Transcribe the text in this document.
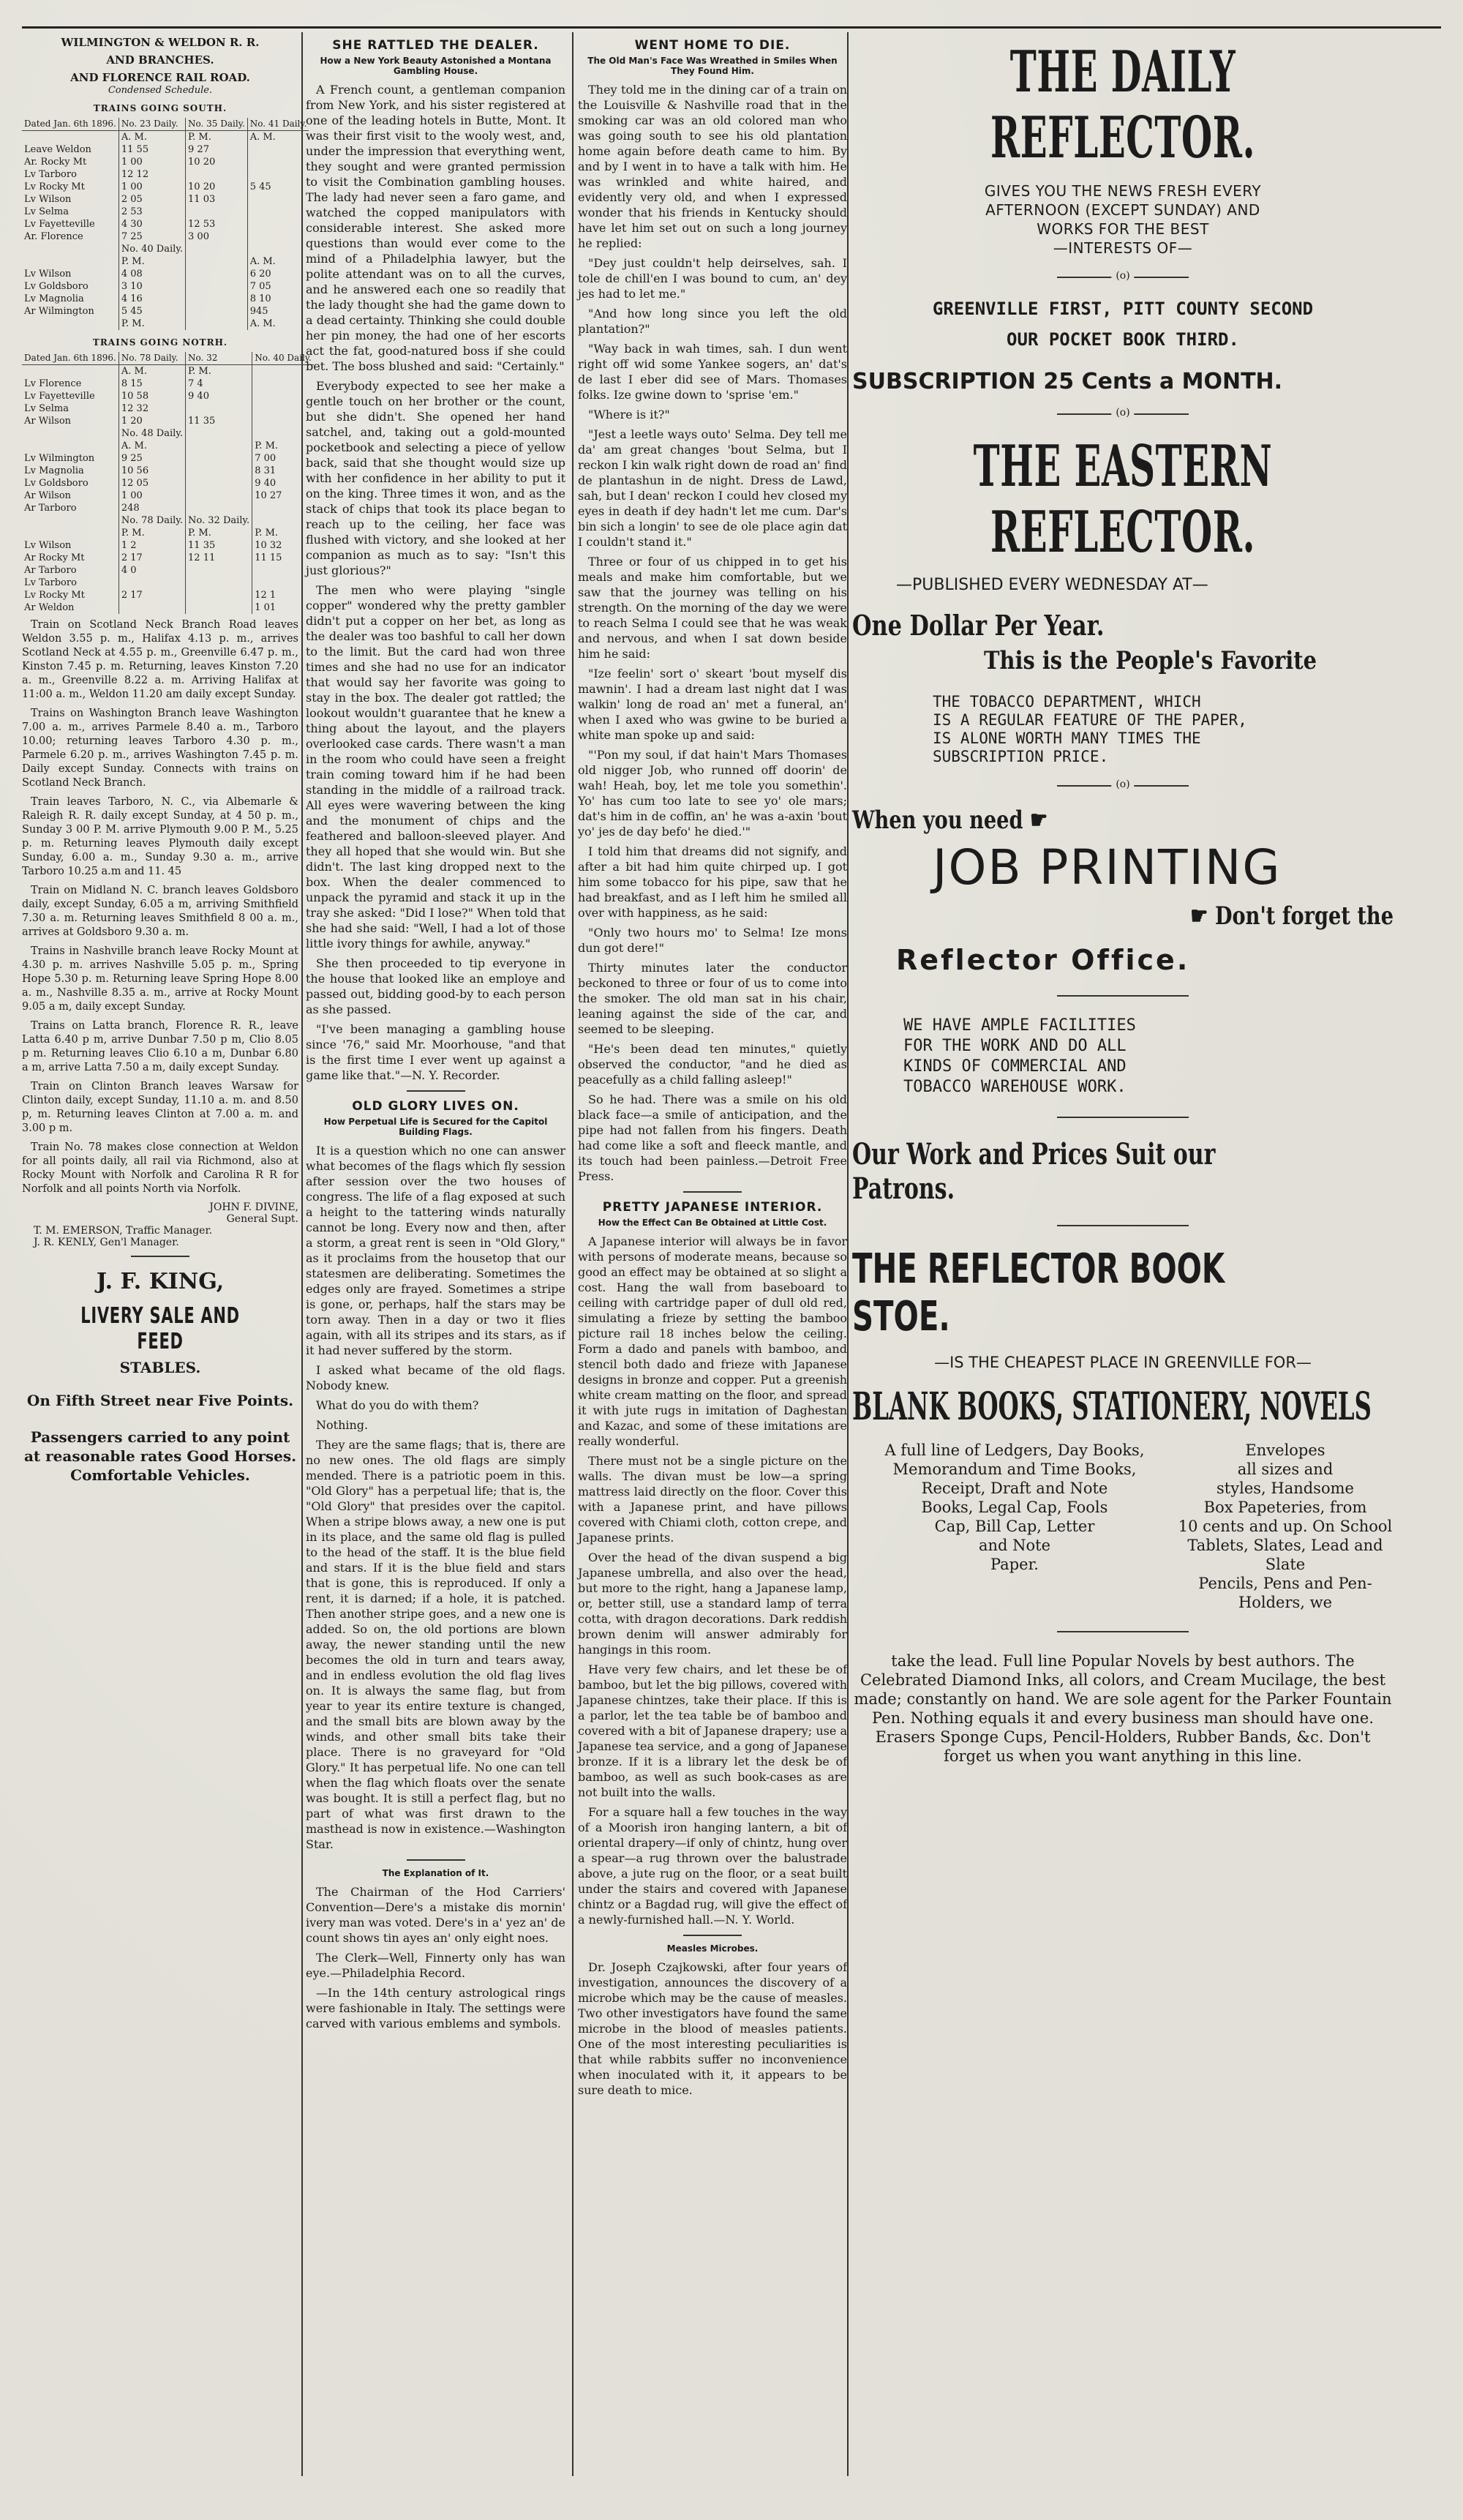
WILMINGTON & WELDON R. R.
AND BRANCHES.
AND FLORENCE RAIL ROAD.
Condensed Schedule.
TRAINS GOING SOUTH.
Dated Jan. 6th 1896.	No. 23 Daily.	No. 35 Daily.	No. 41 Daily.
	A. M.	P. M.	A. M.
Leave Weldon	11 55	9 27	
Ar. Rocky Mt	1 00	10 20	

Lv Tarboro	12 12		

Lv Rocky Mt	1 00	10 20	5 45
Lv Wilson	2 05	11 03	
Lv Selma	2 53		
Lv Fayetteville	4 30	12 53	
Ar. Florence	7 25	3 00	
	No. 40 Daily.		
	P. M.		A. M.
Lv Wilson	4 08		6 20
Lv Goldsboro	3 10		7 05
Lv Magnolia	4 16		8 10
Ar Wilmington	5 45		945
	P. M.		A. M.
TRAINS GOING NOTRH.
Dated Jan. 6th 1896.	No. 78 Daily.	No. 32	No. 40 Daily.
	A. M.	P. M.	
Lv Florence	8 15	7 4	
Lv Fayetteville	10 58	9 40	
Lv Selma	12 32		
Ar Wilson	1 20	11 35	
	No. 48 Daily.		
	A. M.		P. M.
Lv Wilmington	9 25		7 00
Lv Magnolia	10 56		8 31
Lv Goldsboro	12 05		9 40
Ar Wilson	1 00		10 27
Ar Tarboro	248		
	No. 78 Daily.	No. 32 Daily.	
	P. M.	P. M.	P. M.
Lv Wilson	1 2	11 35	10 32
Ar Rocky Mt	2 17	12 11	11 15

Ar Tarboro	4 0		
Lv Tarboro			
Lv Rocky Mt	2 17		12 1
Ar Weldon			1 01

Train on Scotland Neck Branch Road leaves Weldon 3.55 p. m., Halifax 4.13 p. m., arrives Scotland Neck at 4.55 p. m., Greenville 6.47 p. m., Kinston 7.45 p. m. Returning, leaves Kinston 7.20 a. m., Greenville 8.22 a. m. Arriving Halifax at 11:00 a. m., Weldon 11.20 am daily except Sunday.

Trains on Washington Branch leave Washington 7.00 a. m., arrives Parmele 8.40 a. m., Tarboro 10.00; returning leaves Tarboro 4.30 p. m., Parmele 6.20 p. m., arrives Washington 7.45 p. m. Daily except Sunday. Connects with trains on Scotland Neck Branch.

Train leaves Tarboro, N. C., via Albemarle & Raleigh R. R. daily except Sunday, at 4 50 p. m., Sunday 3 00 P. M. arrive Plymouth 9.00 P. M., 5.25 p. m. Returning leaves Plymouth daily except Sunday, 6.00 a. m., Sunday 9.30 a. m., arrive Tarboro 10.25 a.m and 11. 45

Train on Midland N. C. branch leaves Goldsboro daily, except Sunday, 6.05 a m, arriving Smithfield 7.30 a. m. Returning leaves Smithfield 8 00 a. m., arrives at Goldsboro 9.30 a. m.

Trains in Nashville branch leave Rocky Mount at 4.30 p. m. arrives Nashville 5.05 p. m., Spring Hope 5.30 p. m. Returning leave Spring Hope 8.00 a. m., Nashville 8.35 a. m., arrive at Rocky Mount 9.05 a m, daily except Sunday.

Trains on Latta branch, Florence R. R., leave Latta 6.40 p m, arrive Dunbar 7.50 p m, Clio 8.05 p m. Returning leaves Clio 6.10 a m, Dunbar 6.80 a m, arrive Latta 7.50 a m, daily except Sunday.

Train on Clinton Branch leaves Warsaw for Clinton daily, except Sunday, 11.10 a. m. and 8.50 p, m. Returning leaves Clinton at 7.00 a. m. and 3.00 p m.

Train No. 78 makes close connection at Weldon for all points daily, all rail via Richmond, also at Rocky Mount with Norfolk and Carolina R R for Norfolk and all points North via Norfolk.

JOHN F. DIVINE,

General Supt.

T. M. EMERSON, Traffic Manager.

J. R. KENLY, Gen'l Manager.

J. F. KING,
LIVERY SALE AND FEED
STABLES.
On Fifth Street near Five Points.
Passengers carried to any point at reasonable rates Good Horses. Comfortable Vehicles.
SHE RATTLED THE DEALER.
How a New York Beauty Astonished a Montana Gambling House.

A French count, a gentleman companion from New York, and his sister registered at one of the leading hotels in Butte, Mont. It was their first visit to the wooly west, and, under the impression that everything went, they sought and were granted permission to visit the Combination gambling houses. The lady had never seen a faro game, and watched the copped manipulators with considerable interest. She asked more questions than would ever come to the mind of a Philadelphia lawyer, but the polite attendant was on to all the curves, and he answered each one so readily that the lady thought she had the game down to a dead certainty. Thinking she could double her pin money, the had one of her escorts act the fat, good-natured boss if she could bet. The boss blushed and said: "Certainly."

Everybody expected to see her make a gentle touch on her brother or the count, but she didn't. She opened her hand satchel, and, taking out a gold-mounted pocketbook and selecting a piece of yellow back, said that she thought would size up with her confidence in her ability to put it on the king. Three times it won, and as the stack of chips that took its place began to reach up to the ceiling, her face was flushed with victory, and she looked at her companion as much as to say: "Isn't this just glorious?"

The men who were playing "single copper" wondered why the pretty gambler didn't put a copper on her bet, as long as the dealer was too bashful to call her down to the limit. But the card had won three times and she had no use for an indicator that would say her favorite was going to stay in the box. The dealer got rattled; the lookout wouldn't guarantee that he knew a thing about the layout, and the players overlooked case cards. There wasn't a man in the room who could have seen a freight train coming toward him if he had been standing in the middle of a railroad track. All eyes were wavering between the king and the monument of chips and the feathered and balloon-sleeved player. And they all hoped that she would win. But she didn't. The last king dropped next to the box. When the dealer commenced to unpack the pyramid and stack it up in the tray she asked: "Did I lose?" When told that she had she said: "Well, I had a lot of those little ivory things for awhile, anyway."

She then proceeded to tip everyone in the house that looked like an employe and passed out, bidding good-by to each person as she passed.

"I've been managing a gambling house since '76," said Mr. Moorhouse, "and that is the first time I ever went up against a game like that."—N. Y. Recorder.

OLD GLORY LIVES ON.
How Perpetual Life is Secured for the Capitol Building Flags.

It is a question which no one can answer what becomes of the flags which fly session after session over the two houses of congress. The life of a flag exposed at such a height to the tattering winds naturally cannot be long. Every now and then, after a storm, a great rent is seen in "Old Glory," as it proclaims from the housetop that our statesmen are deliberating. Sometimes the edges only are frayed. Sometimes a stripe is gone, or, perhaps, half the stars may be torn away. Then in a day or two it flies again, with all its stripes and its stars, as if it had never suffered by the storm.

I asked what became of the old flags. Nobody knew.

What do you do with them?

Nothing.

They are the same flags; that is, there are no new ones. The old flags are simply mended. There is a patriotic poem in this. "Old Glory" has a perpetual life; that is, the "Old Glory" that presides over the capitol. When a stripe blows away, a new one is put in its place, and the same old flag is pulled to the head of the staff. It is the blue field and stars. If it is the blue field and stars that is gone, this is reproduced. If only a rent, it is darned; if a hole, it is patched. Then another stripe goes, and a new one is added. So on, the old portions are blown away, the newer standing until the new becomes the old in turn and tears away, and in endless evolution the old flag lives on. It is always the same flag, but from year to year its entire texture is changed, and the small bits are blown away by the winds, and other small bits take their place. There is no graveyard for "Old Glory." It has perpetual life. No one can tell when the flag which floats over the senate was bought. It is still a perfect flag, but no part of what was first drawn to the masthead is now in existence.—Washington Star.

The Explanation of It.

The Chairman of the Hod Carriers' Convention—Dere's a mistake dis mornin' ivery man was voted. Dere's in a' yez an' de count shows tin ayes an' only eight noes.

The Clerk—Well, Finnerty only has wan eye.—Philadelphia Record.

—In the 14th century astrological rings were fashionable in Italy. The settings were carved with various emblems and symbols.

WENT HOME TO DIE.
The Old Man's Face Was Wreathed in Smiles When They Found Him.

They told me in the dining car of a train on the Louisville & Nashville road that in the smoking car was an old colored man who was going south to see his old plantation home again before death came to him. By and by I went in to have a talk with him. He was wrinkled and white haired, and evidently very old, and when I expressed wonder that his friends in Kentucky should have let him set out on such a long journey he replied:

"Dey just couldn't help deirselves, sah. I tole de chill'en I was bound to cum, an' dey jes had to let me."

"And how long since you left the old plantation?"

"Way back in wah times, sah. I dun went right off wid some Yankee sogers, an' dat's de last I eber did see of Mars. Thomases folks. Ize gwine down to 'sprise 'em."

"Where is it?"

"Jest a leetle ways outo' Selma. Dey tell me da' am great changes 'bout Selma, but I reckon I kin walk right down de road an' find de plantashun in de night. Dress de Lawd, sah, but I dean' reckon I could hev closed my eyes in death if dey hadn't let me cum. Dar's bin sich a longin' to see de ole place agin dat I couldn't stand it."

Three or four of us chipped in to get his meals and make him comfortable, but we saw that the journey was telling on his strength. On the morning of the day we were to reach Selma I could see that he was weak and nervous, and when I sat down beside him he said:

"Ize feelin' sort o' skeart 'bout myself dis mawnin'. I had a dream last night dat I was walkin' long de road an' met a funeral, an' when I axed who was gwine to be buried a white man spoke up and said:

"'Pon my soul, if dat hain't Mars Thomases old nigger Job, who runned off doorin' de wah! Heah, boy, let me tole you somethin'. Yo' has cum too late to see yo' ole mars; dat's him in de coffin, an' he was a-axin 'bout yo' jes de day befo' he died.'"

I told him that dreams did not signify, and after a bit had him quite chirped up. I got him some tobacco for his pipe, saw that he had breakfast, and as I left him he smiled all over with happiness, as he said:

"Only two hours mo' to Selma! Ize mons dun got dere!"

Thirty minutes later the conductor beckoned to three or four of us to come into the smoker. The old man sat in his chair, leaning against the side of the car, and seemed to be sleeping.

"He's been dead ten minutes," quietly observed the conductor, "and he died as peacefully as a child falling asleep!"

So he had. There was a smile on his old black face—a smile of anticipation, and the pipe had not fallen from his fingers. Death had come like a soft and fleeck mantle, and its touch had been painless.—Detroit Free Press.

PRETTY JAPANESE INTERIOR.
How the Effect Can Be Obtained at Little Cost.

A Japanese interior will always be in favor with persons of moderate means, because so good an effect may be obtained at so slight a cost. Hang the wall from baseboard to ceiling with cartridge paper of dull old red, simulating a frieze by setting the bamboo picture rail 18 inches below the ceiling. Form a dado and panels with bamboo, and stencil both dado and frieze with Japanese designs in bronze and copper. Put a greenish white cream matting on the floor, and spread it with jute rugs in imitation of Daghestan and Kazac, and some of these imitations are really wonderful.

There must not be a single picture on the walls. The divan must be low—a spring mattress laid directly on the floor. Cover this with a Japanese print, and have pillows covered with Chiami cloth, cotton crepe, and Japanese prints.

Over the head of the divan suspend a big Japanese umbrella, and also over the head, but more to the right, hang a Japanese lamp, or, better still, use a standard lamp of terra cotta, with dragon decorations. Dark reddish brown denim will answer admirably for hangings in this room.

Have very few chairs, and let these be of bamboo, but let the big pillows, covered with Japanese chintzes, take their place. If this is a parlor, let the tea table be of bamboo and covered with a bit of Japanese drapery; use a Japanese tea service, and a gong of Japanese bronze. If it is a library let the desk be of bamboo, as well as such book-cases as are not built into the walls.

For a square hall a few touches in the way of a Moorish iron hanging lantern, a bit of oriental drapery—if only of chintz, hung over a spear—a rug thrown over the balustrade above, a jute rug on the floor, or a seat built under the stairs and covered with Japanese chintz or a Bagdad rug, will give the effect of a newly-furnished hall.—N. Y. World.

Measles Microbes.

Dr. Joseph Czajkowski, after four years of investigation, announces the discovery of a microbe which may be the cause of measles. Two other investigators have found the same microbe in the blood of measles patients. One of the most interesting peculiarities is that while rabbits suffer no inconvenience when inoculated with it, it appears to be sure death to mice.

THE DAILY REFLECTOR.
GIVES YOU THE NEWS FRESH EVERY
AFTERNOON (EXCEPT SUNDAY) AND
WORKS FOR THE BEST
—INTERESTS OF—
(o)
GREENVILLE FIRST, PITT COUNTY SECOND
OUR POCKET BOOK THIRD.
SUBSCRIPTION 25 Cents a MONTH.
(o)
THE EASTERN REFLECTOR.
—PUBLISHED EVERY WEDNESDAY AT—
One Dollar Per Year.
This is the People's Favorite
THE TOBACCO DEPARTMENT, WHICH
IS A REGULAR FEATURE OF THE PAPER,
IS ALONE WORTH MANY TIMES THE
SUBSCRIPTION PRICE.
(o)
When you need ☛
JOB PRINTING
☛ Don't forget the
Reflector Office.
WE HAVE AMPLE FACILITIES
FOR THE WORK AND DO ALL
KINDS OF COMMERCIAL AND
TOBACCO WAREHOUSE WORK.
Our Work and Prices Suit our Patrons.
THE REFLECTOR BOOK STOE.
—IS THE CHEAPEST PLACE IN GREENVILLE FOR—
BLANK BOOKS, STATIONERY, NOVELS
A full line of Ledgers, Day Books,
Memorandum and Time Books,
Receipt, Draft and Note
Books, Legal Cap, Fools
Cap, Bill Cap, Letter
and Note
Paper.
Envelopes
all sizes and
styles, Handsome
Box Papeteries, from
10 cents and up. On School
Tablets, Slates, Lead and Slate
Pencils, Pens and Pen-Holders, we

take the lead. Full line Popular Novels by best authors. The Celebrated Diamond Inks, all colors, and Cream Mucilage, the best made; constantly on hand. We are sole agent for the Parker Fountain Pen. Nothing equals it and every business man should have one. Erasers Sponge Cups, Pencil-Holders, Rubber Bands, &c. Don't forget us when you want anything in this line.
